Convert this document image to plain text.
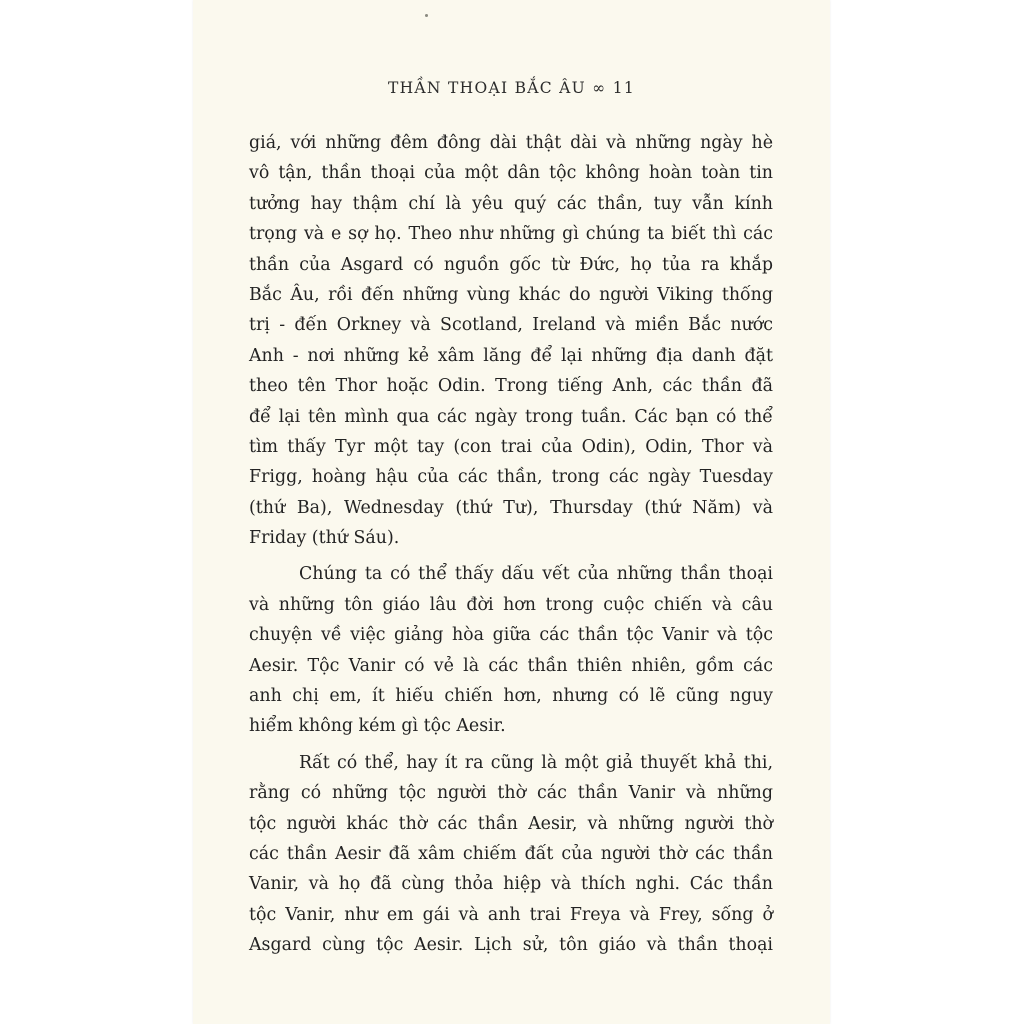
THẦN THOẠI BẮC ÂU ∞ 11
giá, với những đêm đông dài thật dài và những ngày hè
vô tận, thần thoại của một dân tộc không hoàn toàn tin
tưởng hay thậm chí là yêu quý các thần, tuy vẫn kính
trọng và e sợ họ. Theo như những gì chúng ta biết thì các
thần của Asgard có nguồn gốc từ Đức, họ tủa ra khắp
Bắc Âu, rồi đến những vùng khác do người Viking thống
trị - đến Orkney và Scotland, Ireland và miền Bắc nước
Anh - nơi những kẻ xâm lăng để lại những địa danh đặt
theo tên Thor hoặc Odin. Trong tiếng Anh, các thần đã
để lại tên mình qua các ngày trong tuần. Các bạn có thể
tìm thấy Tyr một tay (con trai của Odin), Odin, Thor và
Frigg, hoàng hậu của các thần, trong các ngày Tuesday
(thứ Ba), Wednesday (thứ Tư), Thursday (thứ Năm) và
Friday (thứ Sáu).
Chúng ta có thể thấy dấu vết của những thần thoại
và những tôn giáo lâu đời hơn trong cuộc chiến và câu
chuyện về việc giảng hòa giữa các thần tộc Vanir và tộc
Aesir. Tộc Vanir có vẻ là các thần thiên nhiên, gồm các
anh chị em, ít hiếu chiến hơn, nhưng có lẽ cũng nguy
hiểm không kém gì tộc Aesir.
Rất có thể, hay ít ra cũng là một giả thuyết khả thi,
rằng có những tộc người thờ các thần Vanir và những
tộc người khác thờ các thần Aesir, và những người thờ
các thần Aesir đã xâm chiếm đất của người thờ các thần
Vanir, và họ đã cùng thỏa hiệp và thích nghi. Các thần
tộc Vanir, như em gái và anh trai Freya và Frey, sống ở
Asgard cùng tộc Aesir. Lịch sử, tôn giáo và thần thoại
